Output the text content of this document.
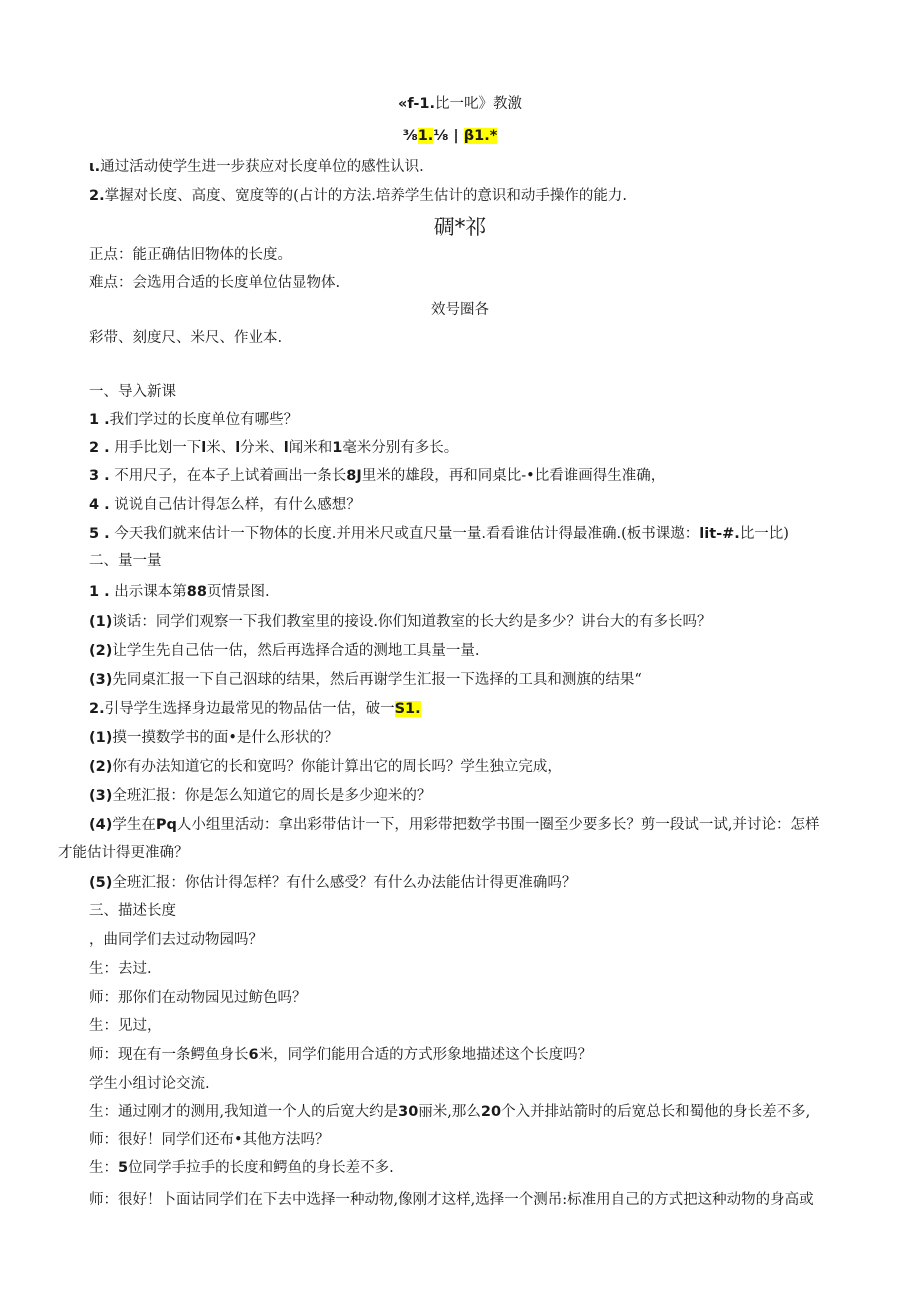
«f-1.比一叱》教激
⅜1.⅛ | β1.*
ι.通过活动使学生进一步获应对长度单位的感性认识.
2.掌握对长度、高度、宽度等的(占计的方法.培养学生估计的意识和动手操作的能力.
碉*祁
正点：能正确估旧物体的长度。
难点：会选用合适的长度单位估显物体.
效号圈各
彩带、刻度尺、米尺、作业本.
一、导入新课
1 .我们学过的长度单位有哪些？
2 . 用手比划一下l米、l分米、l闻米和1毫米分别有多长。
3 . 不用尺子，在本子上试着画出一条长8J里米的雄段，再和同桌比-•比看谁画得生准确，
4 . 说说自己估计得怎么样，有什么感想？
5 . 今天我们就来估计一下物体的长度.并用米尺或直尺量一量.看看谁估计得最准确.(板书课遨：lit-#.比一比)
二、量一量
1 . 出示课本第88页情景图.
(1)谈话：同学们观察一下我们教室里的接设.你们知道教室的长大约是多少？讲台大的有多长吗？
(2)让学生先自己估一估，然后再选择合适的测地工具量一量.
(3)先同桌汇报一下自己泅球的结果，然后再谢学生汇报一下选择的工具和测旗的结果“
2.引导学生选择身边最常见的物品估一估，破一S1.
(1)摸一摸数学书的面•是什么形状的？
(2)你有办法知道它的长和宽吗？你能计算出它的周长吗？学生独立完成，
(3)全班汇报：你是怎么知道它的周长是多少迎米的？
(4)学生在Pq人小组里活动：拿出彩带估计一下，用彩带把数学书围一圈至少要多长？剪一段试一试,并讨论：怎样
才能估计得更准确？
(5)全班汇报：你估计得怎样？有什么感受？有什么办法能估计得更准确吗？
三、描述长度
，曲同学们去过动物园吗？
生：去过.
师：那你们在动物园见过鲂色吗？
生：见过，
师：现在有一条鳄鱼身长6米，同学们能用合适的方式形象地描述这个长度吗？
学生小组讨论交流.
生：通过刚才的测用,我知道一个人的后宽大约是30丽米,那么20个入并排站箭时的后宽总长和蜀他的身长差不多,
师：很好！同学们还布•其他方法吗？
生：5位同学手拉手的长度和鳄鱼的身长差不多.
师：很好！卜面诂同学们在下去中选择一种动物,像刚才这样,选择一个测吊:标准用自己的方式把这种动物的身高或
